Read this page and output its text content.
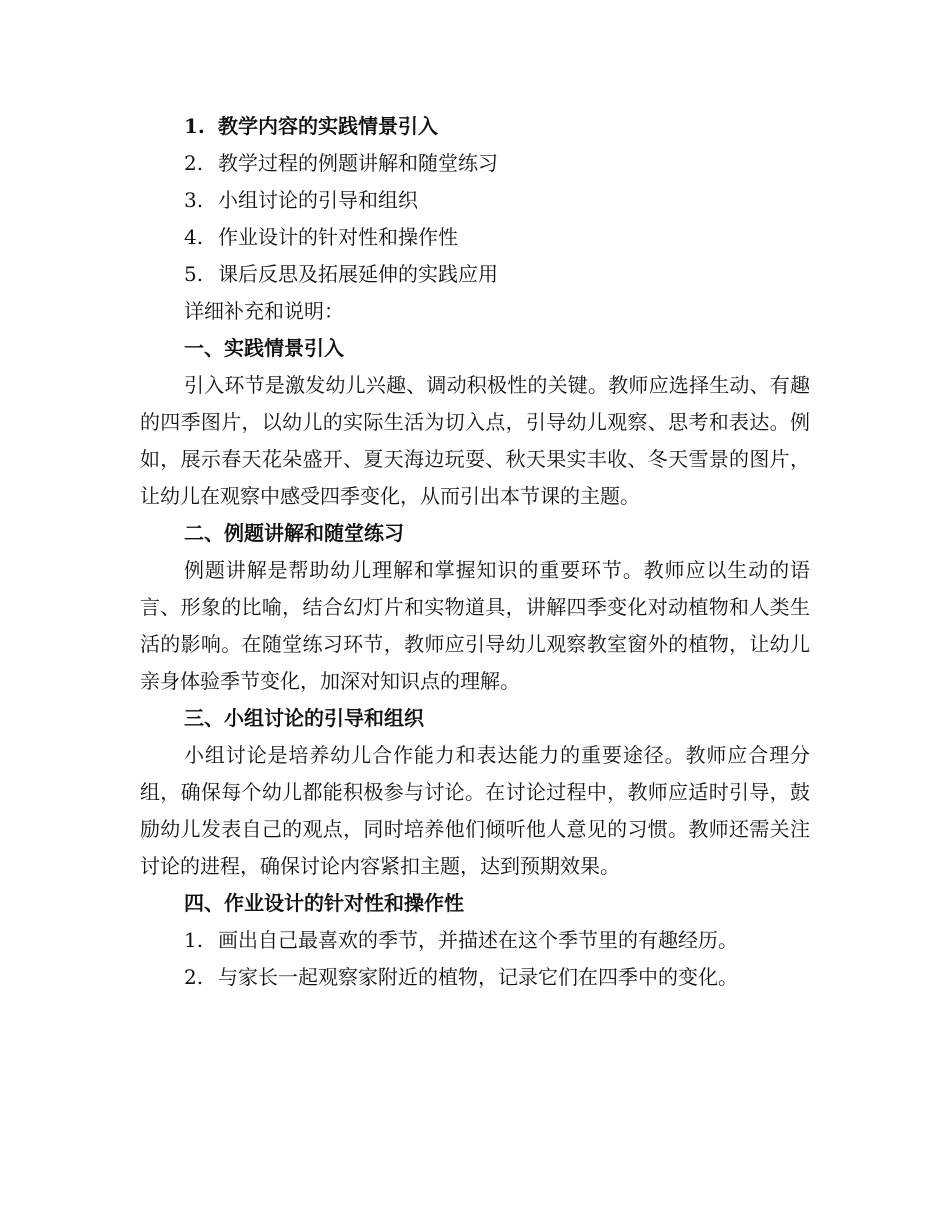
1. 教学内容的实践情景引入
2. 教学过程的例题讲解和随堂练习
3. 小组讨论的引导和组织
4. 作业设计的针对性和操作性
5. 课后反思及拓展延伸的实践应用
详细补充和说明：
一、实践情景引入

引入环节是激发幼儿兴趣、调动积极性的关键。教师应选择生动、有趣的四季图片，以幼儿的实际生活为切入点，引导幼儿观察、思考和表达。例如，展示春天花朵盛开、夏天海边玩耍、秋天果实丰收、冬天雪景的图片，让幼儿在观察中感受四季变化，从而引出本节课的主题。

二、例题讲解和随堂练习

例题讲解是帮助幼儿理解和掌握知识的重要环节。教师应以生动的语言、形象的比喻，结合幻灯片和实物道具，讲解四季变化对动植物和人类生活的影响。在随堂练习环节，教师应引导幼儿观察教室窗外的植物，让幼儿亲身体验季节变化，加深对知识点的理解。

三、小组讨论的引导和组织

小组讨论是培养幼儿合作能力和表达能力的重要途径。教师应合理分组，确保每个幼儿都能积极参与讨论。在讨论过程中，教师应适时引导，鼓励幼儿发表自己的观点，同时培养他们倾听他人意见的习惯。教师还需关注讨论的进程，确保讨论内容紧扣主题，达到预期效果。

四、作业设计的针对性和操作性
1. 画出自己最喜欢的季节，并描述在这个季节里的有趣经历。
2. 与家长一起观察家附近的植物，记录它们在四季中的变化。
